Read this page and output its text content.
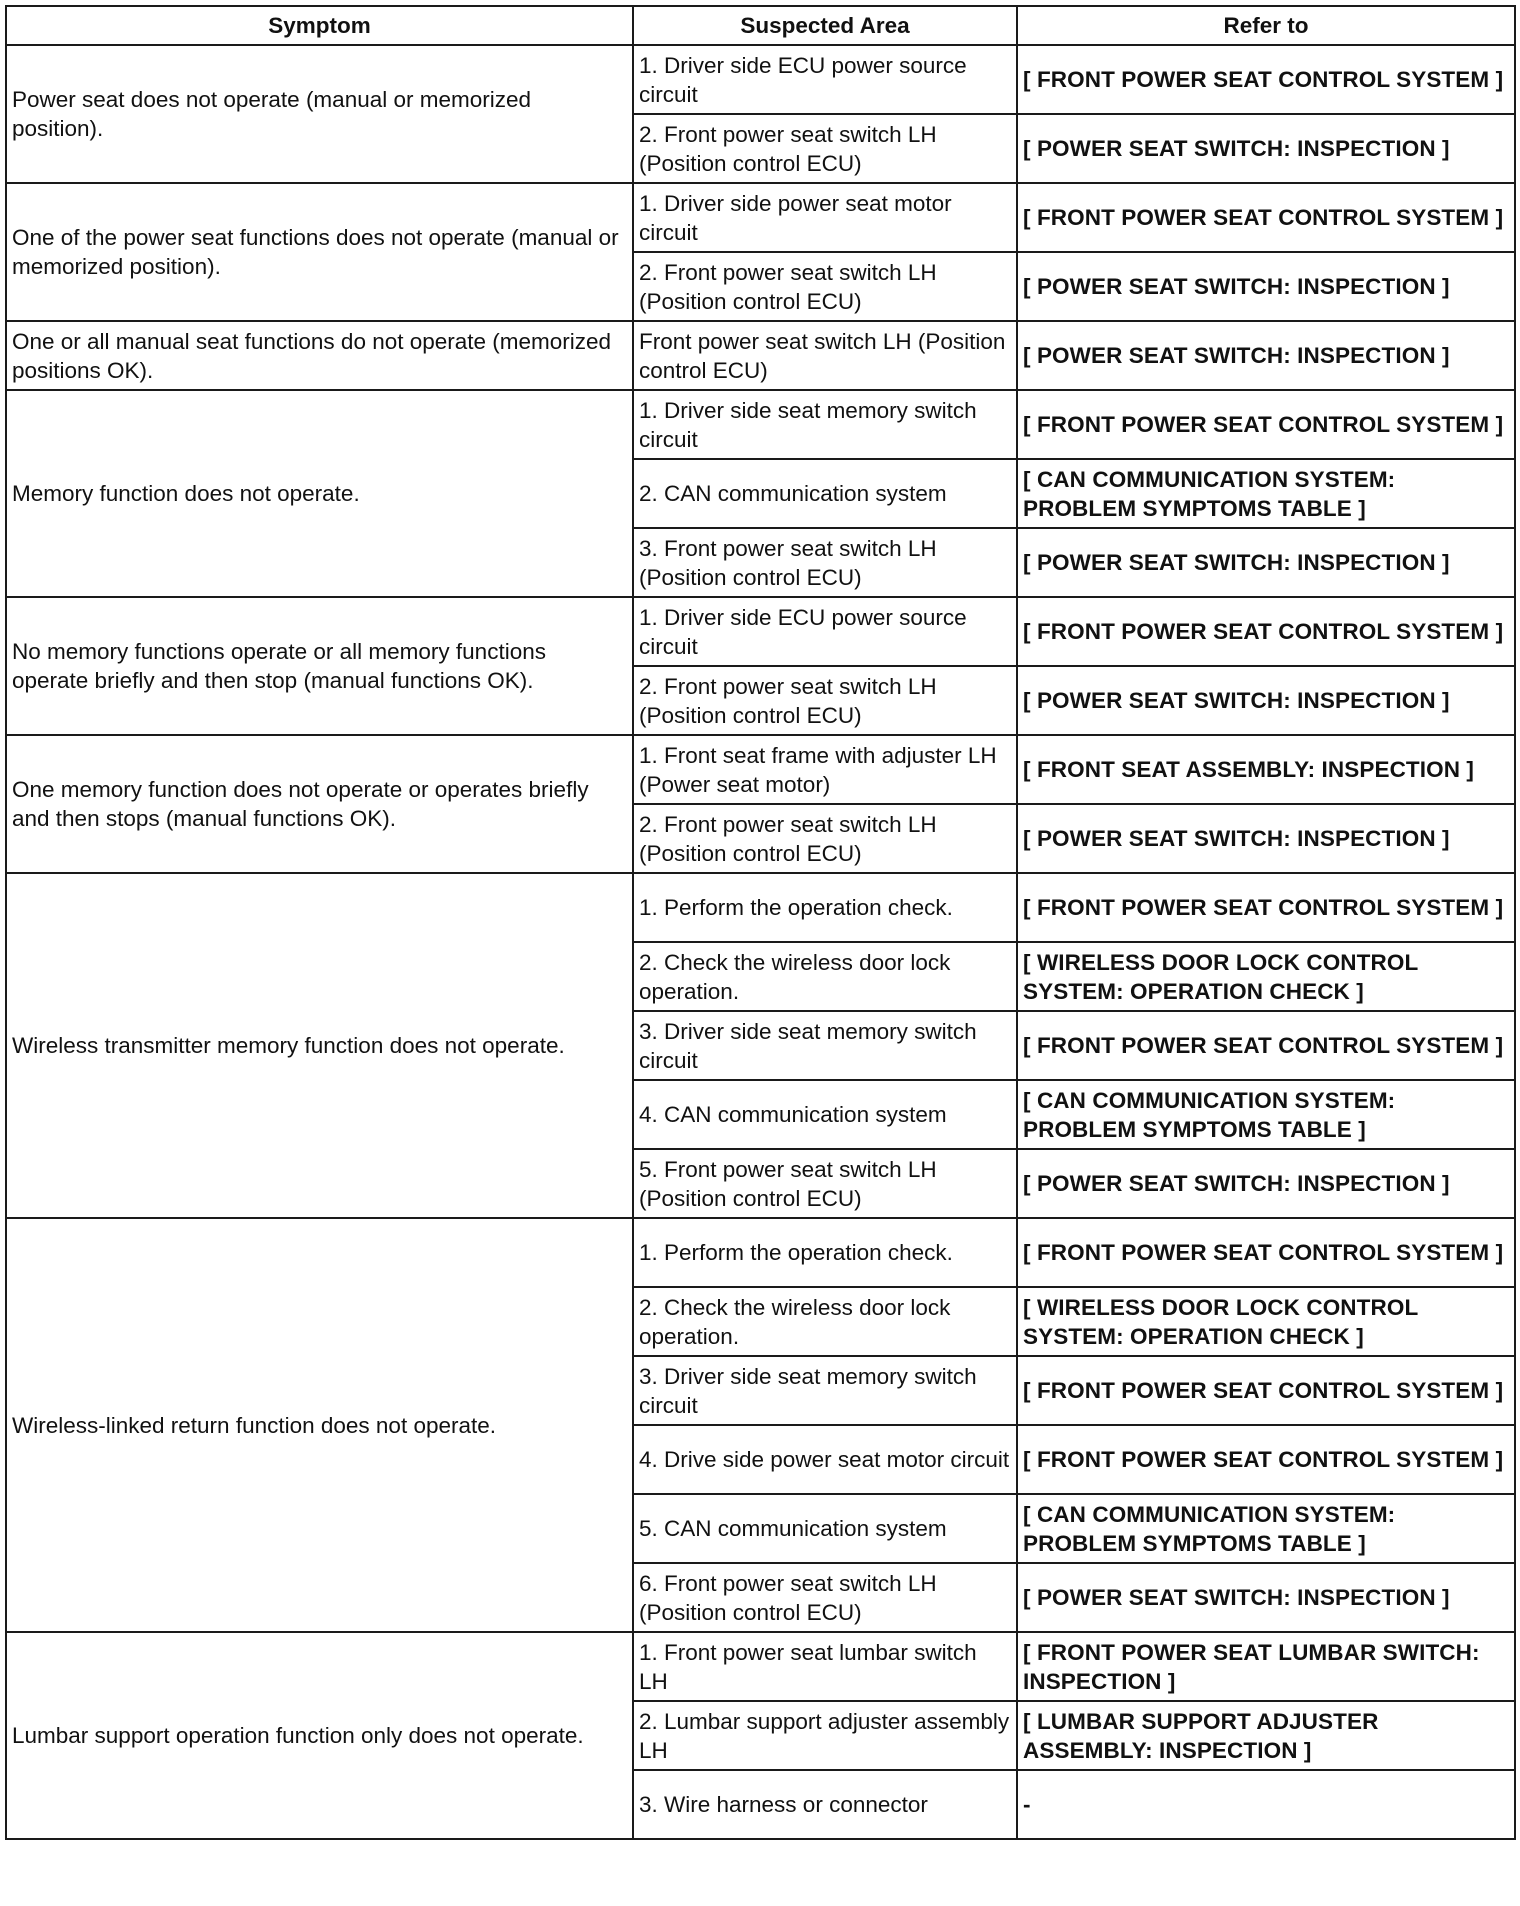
Symptom	Suspected Area	Refer to
Power seat does not operate (manual or memorized position).	1. Driver side ECU power source circuit	[ FRONT POWER SEAT CONTROL SYSTEM ]
	2. Front power seat switch LH (Position control ECU)	[ POWER SEAT SWITCH: INSPECTION ]
One of the power seat functions does not operate (manual or memorized position).	1. Driver side power seat motor circuit	[ FRONT POWER SEAT CONTROL SYSTEM ]
	2. Front power seat switch LH (Position control ECU)	[ POWER SEAT SWITCH: INSPECTION ]
One or all manual seat functions do not operate (memorized positions OK).	Front power seat switch LH (Position control ECU)	[ POWER SEAT SWITCH: INSPECTION ]
Memory function does not operate.	1. Driver side seat memory switch circuit	[ FRONT POWER SEAT CONTROL SYSTEM ]
	2. CAN communication system	[ CAN COMMUNICATION SYSTEM: PROBLEM SYMPTOMS TABLE ]
	3. Front power seat switch LH (Position control ECU)	[ POWER SEAT SWITCH: INSPECTION ]
No memory functions operate or all memory functions operate briefly and then stop (manual functions OK).	1. Driver side ECU power source circuit	[ FRONT POWER SEAT CONTROL SYSTEM ]
	2. Front power seat switch LH (Position control ECU)	[ POWER SEAT SWITCH: INSPECTION ]
One memory function does not operate or operates briefly and then stops (manual functions OK).	1. Front seat frame with adjuster LH (Power seat motor)	[ FRONT SEAT ASSEMBLY: INSPECTION ]
	2. Front power seat switch LH (Position control ECU)	[ POWER SEAT SWITCH: INSPECTION ]
Wireless transmitter memory function does not operate.	1. Perform the operation check.	[ FRONT POWER SEAT CONTROL SYSTEM ]
	2. Check the wireless door lock operation.	[ WIRELESS DOOR LOCK CONTROL SYSTEM: OPERATION CHECK ]
	3. Driver side seat memory switch circuit	[ FRONT POWER SEAT CONTROL SYSTEM ]
	4. CAN communication system	[ CAN COMMUNICATION SYSTEM: PROBLEM SYMPTOMS TABLE ]
	5. Front power seat switch LH (Position control ECU)	[ POWER SEAT SWITCH: INSPECTION ]
Wireless-linked return function does not operate.	1. Perform the operation check.	[ FRONT POWER SEAT CONTROL SYSTEM ]
	2. Check the wireless door lock operation.	[ WIRELESS DOOR LOCK CONTROL SYSTEM: OPERATION CHECK ]
	3. Driver side seat memory switch circuit	[ FRONT POWER SEAT CONTROL SYSTEM ]
	4. Drive side power seat motor circuit	[ FRONT POWER SEAT CONTROL SYSTEM ]
	5. CAN communication system	[ CAN COMMUNICATION SYSTEM: PROBLEM SYMPTOMS TABLE ]
	6. Front power seat switch LH (Position control ECU)	[ POWER SEAT SWITCH: INSPECTION ]
Lumbar support operation function only does not operate.	1. Front power seat lumbar switch LH	[ FRONT POWER SEAT LUMBAR SWITCH: INSPECTION ]
	2. Lumbar support adjuster assembly LH	[ LUMBAR SUPPORT ADJUSTER ASSEMBLY: INSPECTION ]
	3. Wire harness or connector	-
